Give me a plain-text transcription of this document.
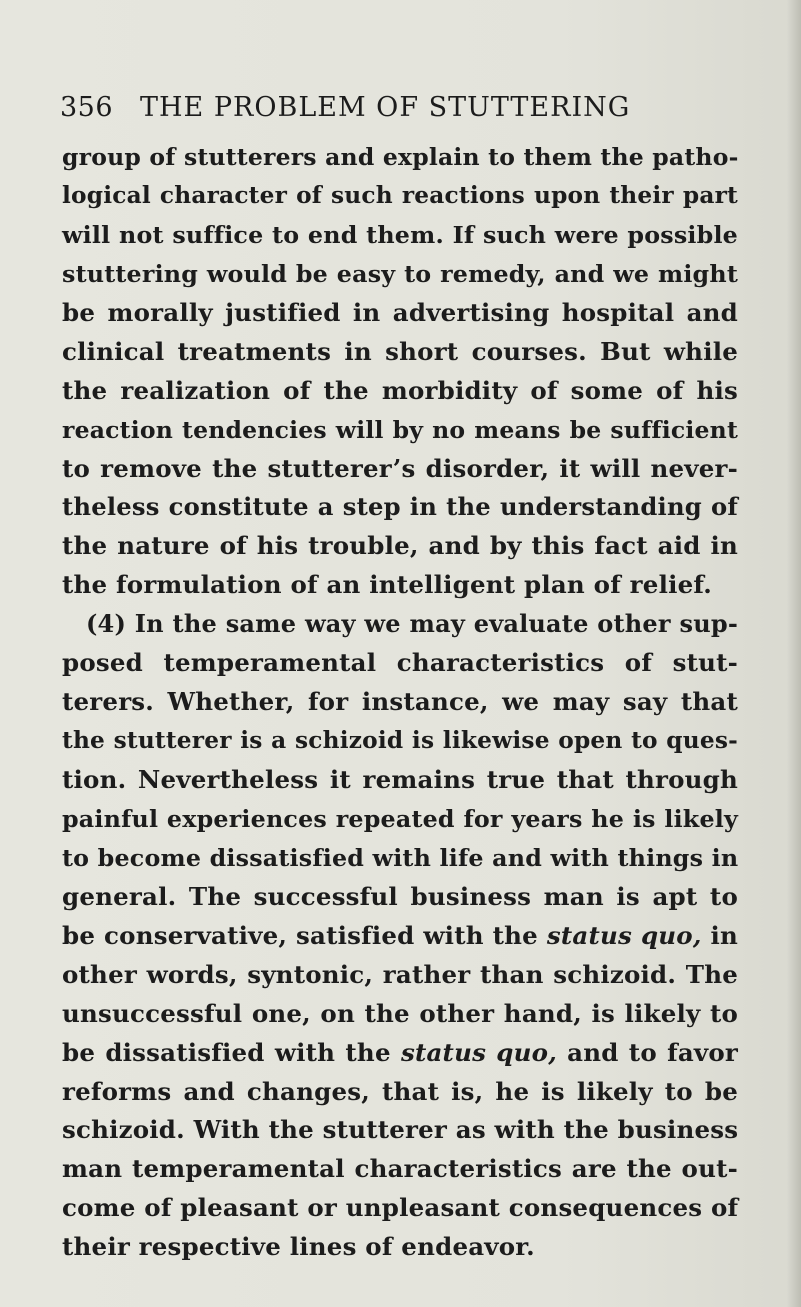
356 THE PROBLEM OF STUTTERING
group of stutterers and explain to them the patho-
logical character of such reactions upon their part
will not suffice to end them. If such were possible
stuttering would be easy to remedy, and we might
be morally justified in advertising hospital and
clinical treatments in short courses. But while
the realization of the morbidity of some of his
reaction tendencies will by no means be sufficient
to remove the stutterer’s disorder, it will never-
theless constitute a step in the understanding of
the nature of his trouble, and by this fact aid in
the formulation of an intelligent plan of relief.
(4) In the same way we may evaluate other sup-
posed temperamental characteristics of stut-
terers. Whether, for instance, we may say that
the stutterer is a schizoid is likewise open to ques-
tion. Nevertheless it remains true that through
painful experiences repeated for years he is likely
to become dissatisfied with life and with things in
general. The successful business man is apt to
be conservative, satisfied with the status quo, in
other words, syntonic, rather than schizoid. The
unsuccessful one, on the other hand, is likely to
be dissatisfied with the status quo, and to favor
reforms and changes, that is, he is likely to be
schizoid. With the stutterer as with the business
man temperamental characteristics are the out-
come of pleasant or unpleasant consequences of
their respective lines of endeavor.
